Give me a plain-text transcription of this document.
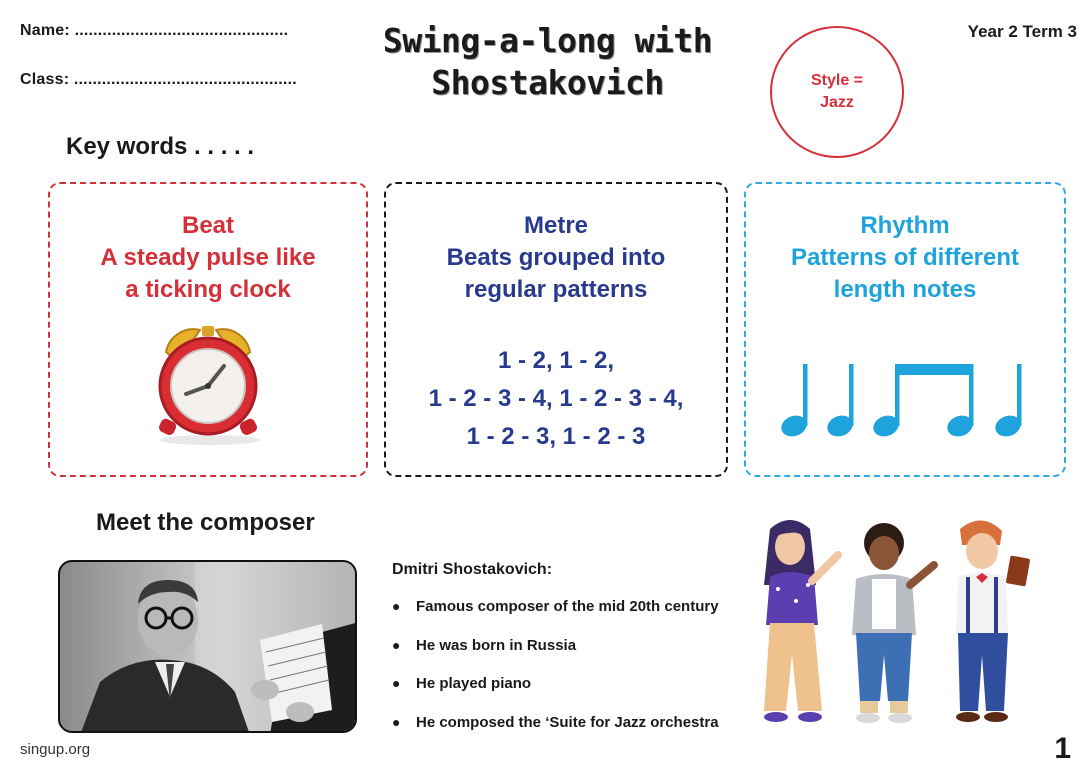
Name: ..............................................
Class: ................................................
Swing-a-long with
Shostakovich
Year 2 Term 3
Style =
Jazz
Key words . . . . .
Beat
A steady pulse like
a ticking clock
Metre
Beats grouped into
regular patterns
1 - 2, 1 - 2,
1 - 2 - 3 - 4, 1 - 2 - 3 - 4,
1 - 2 - 3, 1 - 2 - 3
Rhythm
Patterns of different
length notes
Meet the composer
Dmitri Shostakovich:
●	Famous composer of the mid 20th century
●	He was born in Russia
●	He played piano
●	He composed the ‘Suite for Jazz orchestra
singup.org	1
